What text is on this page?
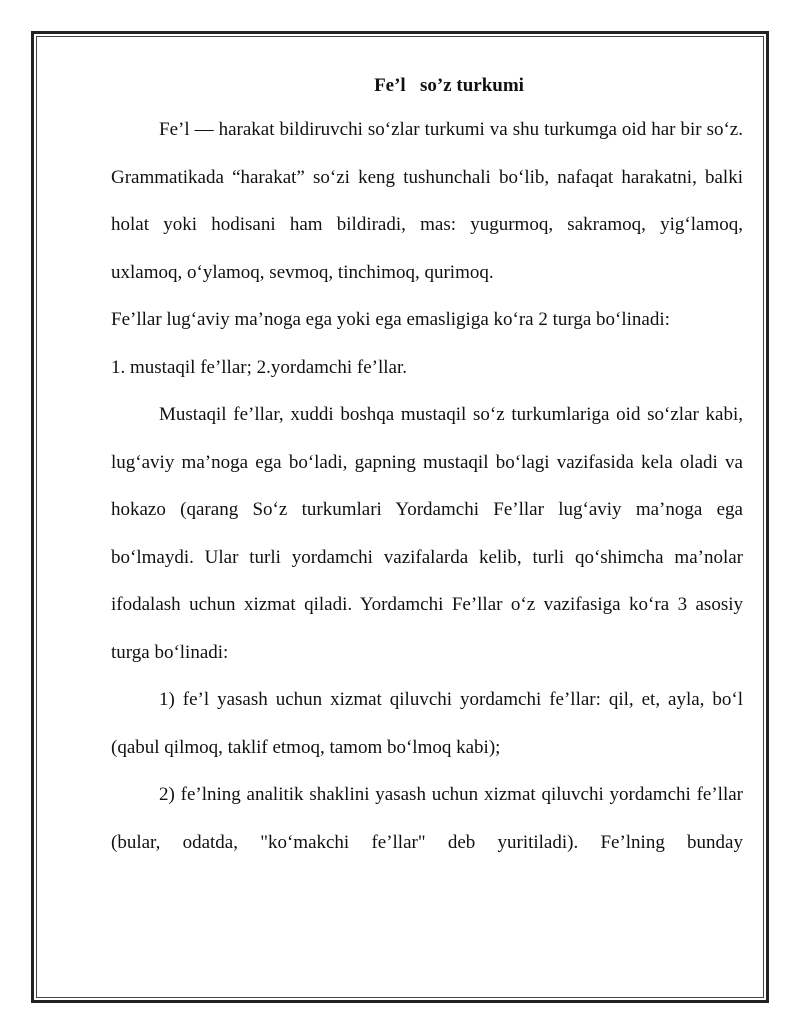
Fe’l   so’z turkumi

Fe’l — harakat bildiruvchi so‘zlar turkumi va shu turkumga oid har bir so‘z. Grammatikada “harakat” so‘zi keng tushunchali bo‘lib, nafaqat harakatni, balki holat yoki hodisani ham bildiradi, mas: yugurmoq, sakramoq, yig‘lamoq, uxlamoq, o‘ylamoq, sevmoq, tinchimoq, qurimoq.

Fe’llar lug‘aviy ma’noga ega yoki ega emasligiga ko‘ra 2 turga bo‘linadi:

1. mustaqil fe’llar; 2.yordamchi fe’llar.

Mustaqil fe’llar, xuddi boshqa mustaqil so‘z turkumlariga oid so‘zlar kabi, lug‘aviy ma’noga ega bo‘ladi, gapning mustaqil bo‘lagi vazifasida kela oladi va hokazo (qarang So‘z turkumlari Yordamchi Fe’llar lug‘aviy ma’noga ega bo‘lmaydi. Ular turli yordamchi vazifalarda kelib, turli qo‘shimcha ma’nolar ifodalash uchun xizmat qiladi. Yordamchi Fe’llar o‘z vazifasiga ko‘ra 3 asosiy turga bo‘linadi:

1) fe’l yasash uchun xizmat qiluvchi yordamchi fe’llar: qil, et, ayla, bo‘l (qabul qilmoq, taklif etmoq, tamom bo‘lmoq kabi);

2) fe’lning analitik shaklini yasash uchun xizmat qiluvchi yordamchi fe’llar (bular, odatda, "ko‘makchi fe’llar" deb yuritiladi). Fe’lning bunday
